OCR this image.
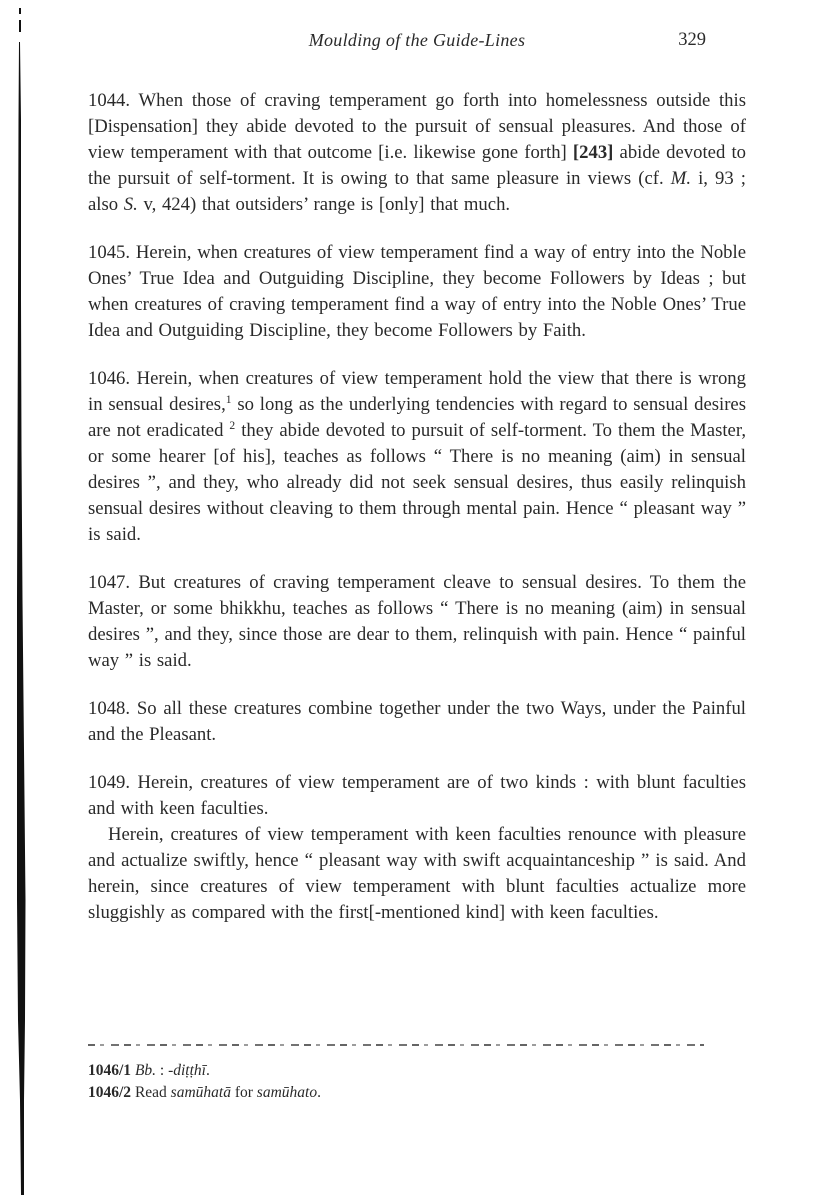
Moulding of the Guide-Lines	329

1044. When those of craving temperament go forth into homelessness outside this [Dispensation] they abide devoted to the pursuit of sensual pleasures. And those of view temperament with that outcome [i.e. likewise gone forth] [243] abide devoted to the pursuit of self-torment. It is owing to that same pleasure in views (cf. M. i, 93 ; also S. v, 424) that outsiders’ range is [only] that much.

1045. Herein, when creatures of view temperament find a way of entry into the Noble Ones’ True Idea and Outguiding Discipline, they become Followers by Ideas ; but when creatures of craving temperament find a way of entry into the Noble Ones’ True Idea and Outguiding Discipline, they become Followers by Faith.

1046. Herein, when creatures of view temperament hold the view that there is wrong in sensual desires,$^1$ so long as the underlying tendencies with regard to sensual desires are not eradicated $^2$ they abide devoted to pursuit of self-torment. To them the Master, or some hearer [of his], teaches as follows “ There is no meaning (aim) in sensual desires ”, and they, who already did not seek sensual desires, thus easily relinquish sensual desires without cleaving to them through mental pain. Hence “ pleasant way ” is said.

1047. But creatures of craving temperament cleave to sensual desires. To them the Master, or some bhikkhu, teaches as follows “ There is no meaning (aim) in sensual desires ”, and they, since those are dear to them, relinquish with pain. Hence “ painful way ” is said.

1048. So all these creatures combine together under the two Ways, under the Painful and the Pleasant.

1049. Herein, creatures of view temperament are of two kinds : with blunt faculties and with keen faculties.

Herein, creatures of view temperament with keen faculties renounce with pleasure and actualize swiftly, hence “ pleasant way with swift acquaintanceship ” is said. And herein, since creatures of view temperament with blunt faculties actualize more sluggishly as compared with the first[-mentioned kind] with keen faculties.

1046/1 Bb. : -diṭṭhī.
1046/2 Read samūhatā for samūhato.
